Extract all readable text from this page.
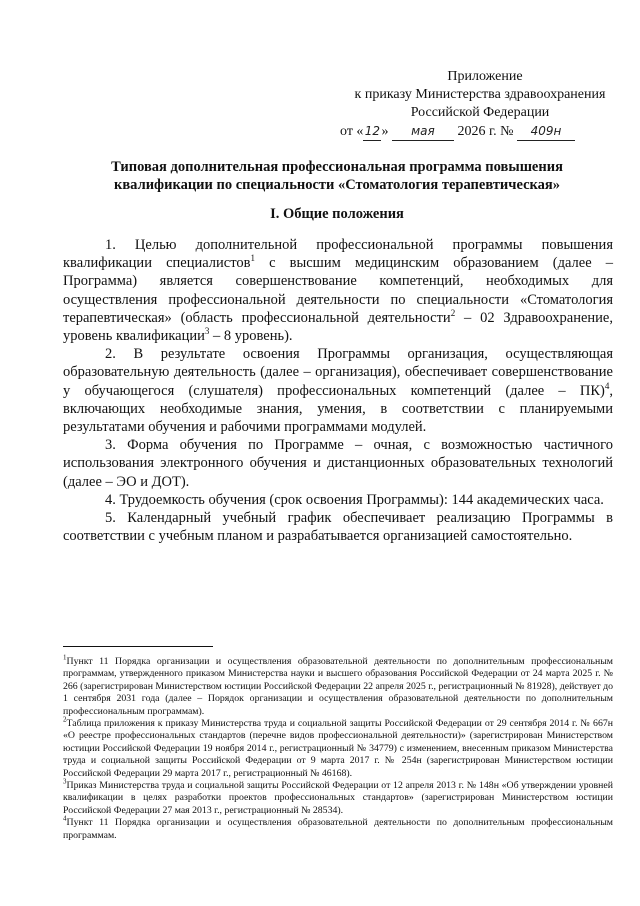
Приложение
к приказу Министерства здравоохранения
Российской Федерации
от «12» мая 2026 г. № 409н
Типовая дополнительная профессиональная программа повышения квалификации по специальности «Стоматология терапевтическая»
I. Общие положения

1. Целью дополнительной профессиональной программы повышения квалификации специалистов$^1$ с высшим медицинским образованием (далее – Программа) является совершенствование компетенций, необходимых для осуществления профессиональной деятельности по специальности «Стоматология терапевтическая» (область профессиональной деятельности$^2$ – 02 Здравоохранение, уровень квалификации$^3$ – 8 уровень).

2. В результате освоения Программы организация, осуществляющая образовательную деятельность (далее – организация), обеспечивает совершенствование у обучающегося (слушателя) профессиональных компетенций (далее – ПК)$^4$, включающих необходимые знания, умения, в соответствии с планируемыми результатами обучения и рабочими программами модулей.

3. Форма обучения по Программе – очная, с возможностью частичного использования электронного обучения и дистанционных образовательных технологий (далее – ЭО и ДОТ).

4. Трудоемкость обучения (срок освоения Программы): 144 академических часа.

5. Календарный учебный график обеспечивает реализацию Программы в соответствии с учебным планом и разрабатывается организацией самостоятельно.

$^1$Пункт 11 Порядка организации и осуществления образовательной деятельности по дополнительным профессиональным программам, утвержденного приказом Министерства науки и высшего образования Российской Федерации от 24 марта 2025 г. № 266 (зарегистрирован Министерством юстиции Российской Федерации 22 апреля 2025 г., регистрационный № 81928), действует до 1 сентября 2031 года (далее – Порядок организации и осуществления образовательной деятельности по дополнительным профессиональным программам).

$^2$Таблица приложения к приказу Министерства труда и социальной защиты Российской Федерации от 29 сентября 2014 г. № 667н «О реестре профессиональных стандартов (перечне видов профессиональной деятельности)» (зарегистрирован Министерством юстиции Российской Федерации 19 ноября 2014 г., регистрационный № 34779) с изменением, внесенным приказом Министерства труда и социальной защиты Российской Федерации от 9 марта 2017 г. № 254н (зарегистрирован Министерством юстиции Российской Федерации 29 марта 2017 г., регистрационный № 46168).

$^3$Приказ Министерства труда и социальной защиты Российской Федерации от 12 апреля 2013 г. № 148н «Об утверждении уровней квалификации в целях разработки проектов профессиональных стандартов» (зарегистрирован Министерством юстиции Российской Федерации 27 мая 2013 г., регистрационный № 28534).

$^4$Пункт 11 Порядка организации и осуществления образовательной деятельности по дополнительным профессиональным программам.
